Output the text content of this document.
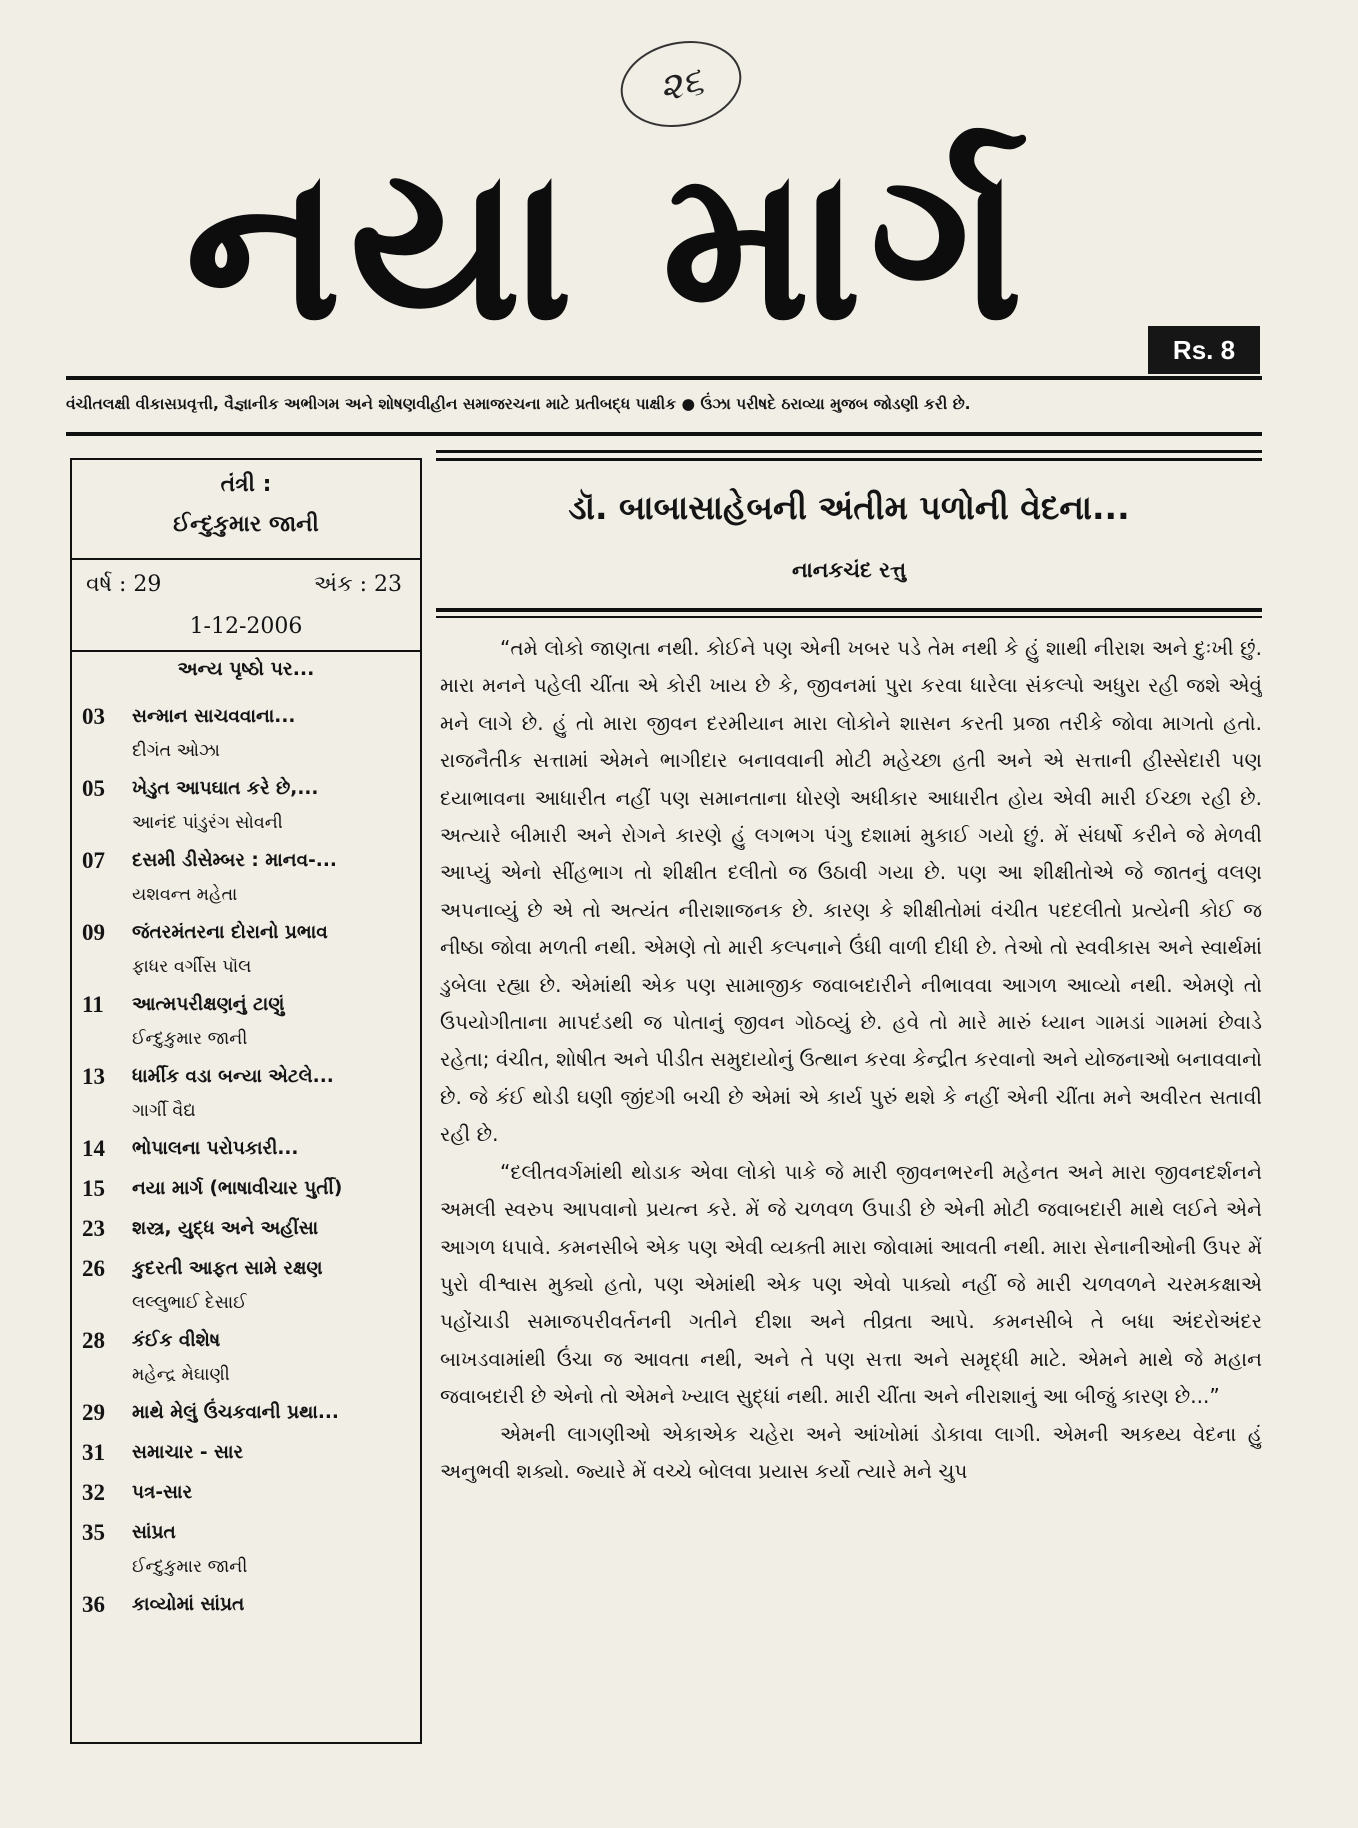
૨૬
નયા માર્ગ	Rs. 8
વંચીતલક્ષી વીકાસપ્રવૃત્તી, વૈજ્ઞાનીક અભીગમ અને શોષણવીહીન સમાજરચના માટે પ્રતીબદ્ધ પાક્ષીક ● ઉંઝા પરીષદે ઠરાવ્યા મુજબ જોડણી કરી છે.
તંત્રી :
ઈન્દુકુમાર જાની
વર્ષ : 29	અંક : 23
1-12-2006
અન્ય પૃષ્ઠો પર...
03	સન્માન સાચવવાના...
દીગંત ઓઝા
05	ખેડુત આપઘાત કરે છે,...
આનંદ પાંડુરંગ સોવની
07	દસમી ડીસેમ્બર : માનવ-...
યશવન્ત મહેતા
09	જંતરમંતરના દોરાનો પ્રભાવ
ફાધર વર્ગીસ પૉલ
11	આત્મપરીક્ષણનું ટાણું
ઈન્દુકુમાર જાની
13	ધાર્મીક વડા બન્યા એટલે...
ગાર્ગી વૈદ્ય
14	ભોપાલના પરોપકારી...
15	નયા માર્ગ (ભાષાવીચાર પુર્તી)
23	શસ્ત્ર, યુદ્ધ અને અહીંસા
26	કુદરતી આફત સામે રક્ષણ
લલ્લુભાઈ દેસાઈ
28	કંઈક વીશેષ
મહેન્દ્ર મેઘાણી
29	માથે મેલું ઉંચકવાની પ્રથા...
31	સમાચાર - સાર
32	પત્ર-સાર
35	સાંપ્રત
ઈન્દુકુમાર જાની
36	કાવ્યોમાં સાંપ્રત
ડૉ. બાબાસાહેબની અંતીમ પળોની વેદના...
નાનકચંદ રત્તુ

“તમે લોકો જાણતા નથી. કોઈને પણ એની ખબર પડે તેમ નથી કે હું શાથી નીરાશ અને દુઃખી છું. મારા મનને પહેલી ચીંતા એ કોરી ખાય છે કે, જીવનમાં પુરા કરવા ધારેલા સંકલ્પો અધુરા રહી જશે એવું મને લાગે છે. હું તો મારા જીવન દરમીયાન મારા લોકોને શાસન કરતી પ્રજા તરીકે જોવા માગતો હતો. રાજનૈતીક સત્તામાં એમને ભાગીદાર બનાવવાની મોટી મહેચ્છા હતી અને એ સત્તાની હીસ્સેદારી પણ દયાભાવના આધારીત નહીં પણ સમાનતાના ધોરણે અધીકાર આધારીત હોય એવી મારી ઈચ્છા રહી છે. અત્યારે બીમારી અને રોગને કારણે હું લગભગ પંગુ દશામાં મુકાઈ ગયો છું. મેં સંઘર્ષો કરીને જે મેળવી આપ્યું એનો સીંહભાગ તો શીક્ષીત દલીતો જ ઉઠાવી ગયા છે. પણ આ શીક્ષીતોએ જે જાતનું વલણ અપનાવ્યું છે એ તો અત્યંત નીરાશાજનક છે. કારણ કે શીક્ષીતોમાં વંચીત પદદલીતો પ્રત્યેની કોઈ જ નીષ્ઠા જોવા મળતી નથી. એમણે તો મારી કલ્પનાને ઉંધી વાળી દીધી છે. તેઓ તો સ્વવીકાસ અને સ્વાર્થમાં ડુબેલા રહ્યા છે. એમાંથી એક પણ સામાજીક જવાબદારીને નીભાવવા આગળ આવ્યો નથી. એમણે તો ઉપયોગીતાના માપદંડથી જ પોતાનું જીવન ગોઠવ્યું છે. હવે તો મારે મારું ધ્યાન ગામડાં ગામમાં છેવાડે રહેતા; વંચીત, શોષીત અને પીડીત સમુદાયોનું ઉત્થાન કરવા કેન્દ્રીત કરવાનો અને યોજનાઓ બનાવવાનો છે. જે કંઈ થોડી ઘણી જીંદગી બચી છે એમાં એ કાર્ય પુરું થશે કે નહીં એની ચીંતા મને અવીરત સતાવી રહી છે.

“દલીતવર્ગમાંથી થોડાક એવા લોકો પાકે જે મારી જીવનભરની મહેનત અને મારા જીવનદર્શનને અમલી સ્વરુપ આપવાનો પ્રયત્ન કરે. મેં જે ચળવળ ઉપાડી છે એની મોટી જવાબદારી માથે લઈને એને આગળ ધપાવે. કમનસીબે એક પણ એવી વ્યક્તી મારા જોવામાં આવતી નથી. મારા સેનાનીઓની ઉપર મેં પુરો વીશ્વાસ મુક્યો હતો, પણ એમાંથી એક પણ એવો પાક્યો નહીં જે મારી ચળવળને ચરમકક્ષાએ પહોંચાડી સમાજપરીવર્તનની ગતીને દીશા અને તીવ્રતા આપે. કમનસીબે તે બધા અંદરોઅંદર બાખડવામાંથી ઉંચા જ આવતા નથી, અને તે પણ સત્તા અને સમૃદ્ધી માટે. એમને માથે જે મહાન જવાબદારી છે એનો તો એમને ખ્યાલ સુદ્ધાં નથી. મારી ચીંતા અને નીરાશાનું આ બીજું કારણ છે...”

એમની લાગણીઓ એકાએક ચહેરા અને આંખોમાં ડોકાવા લાગી. એમની અકથ્ય વેદના હું અનુભવી શક્યો. જ્યારે મેં વચ્ચે બોલવા પ્રયાસ કર્યો ત્યારે મને ચુપ
